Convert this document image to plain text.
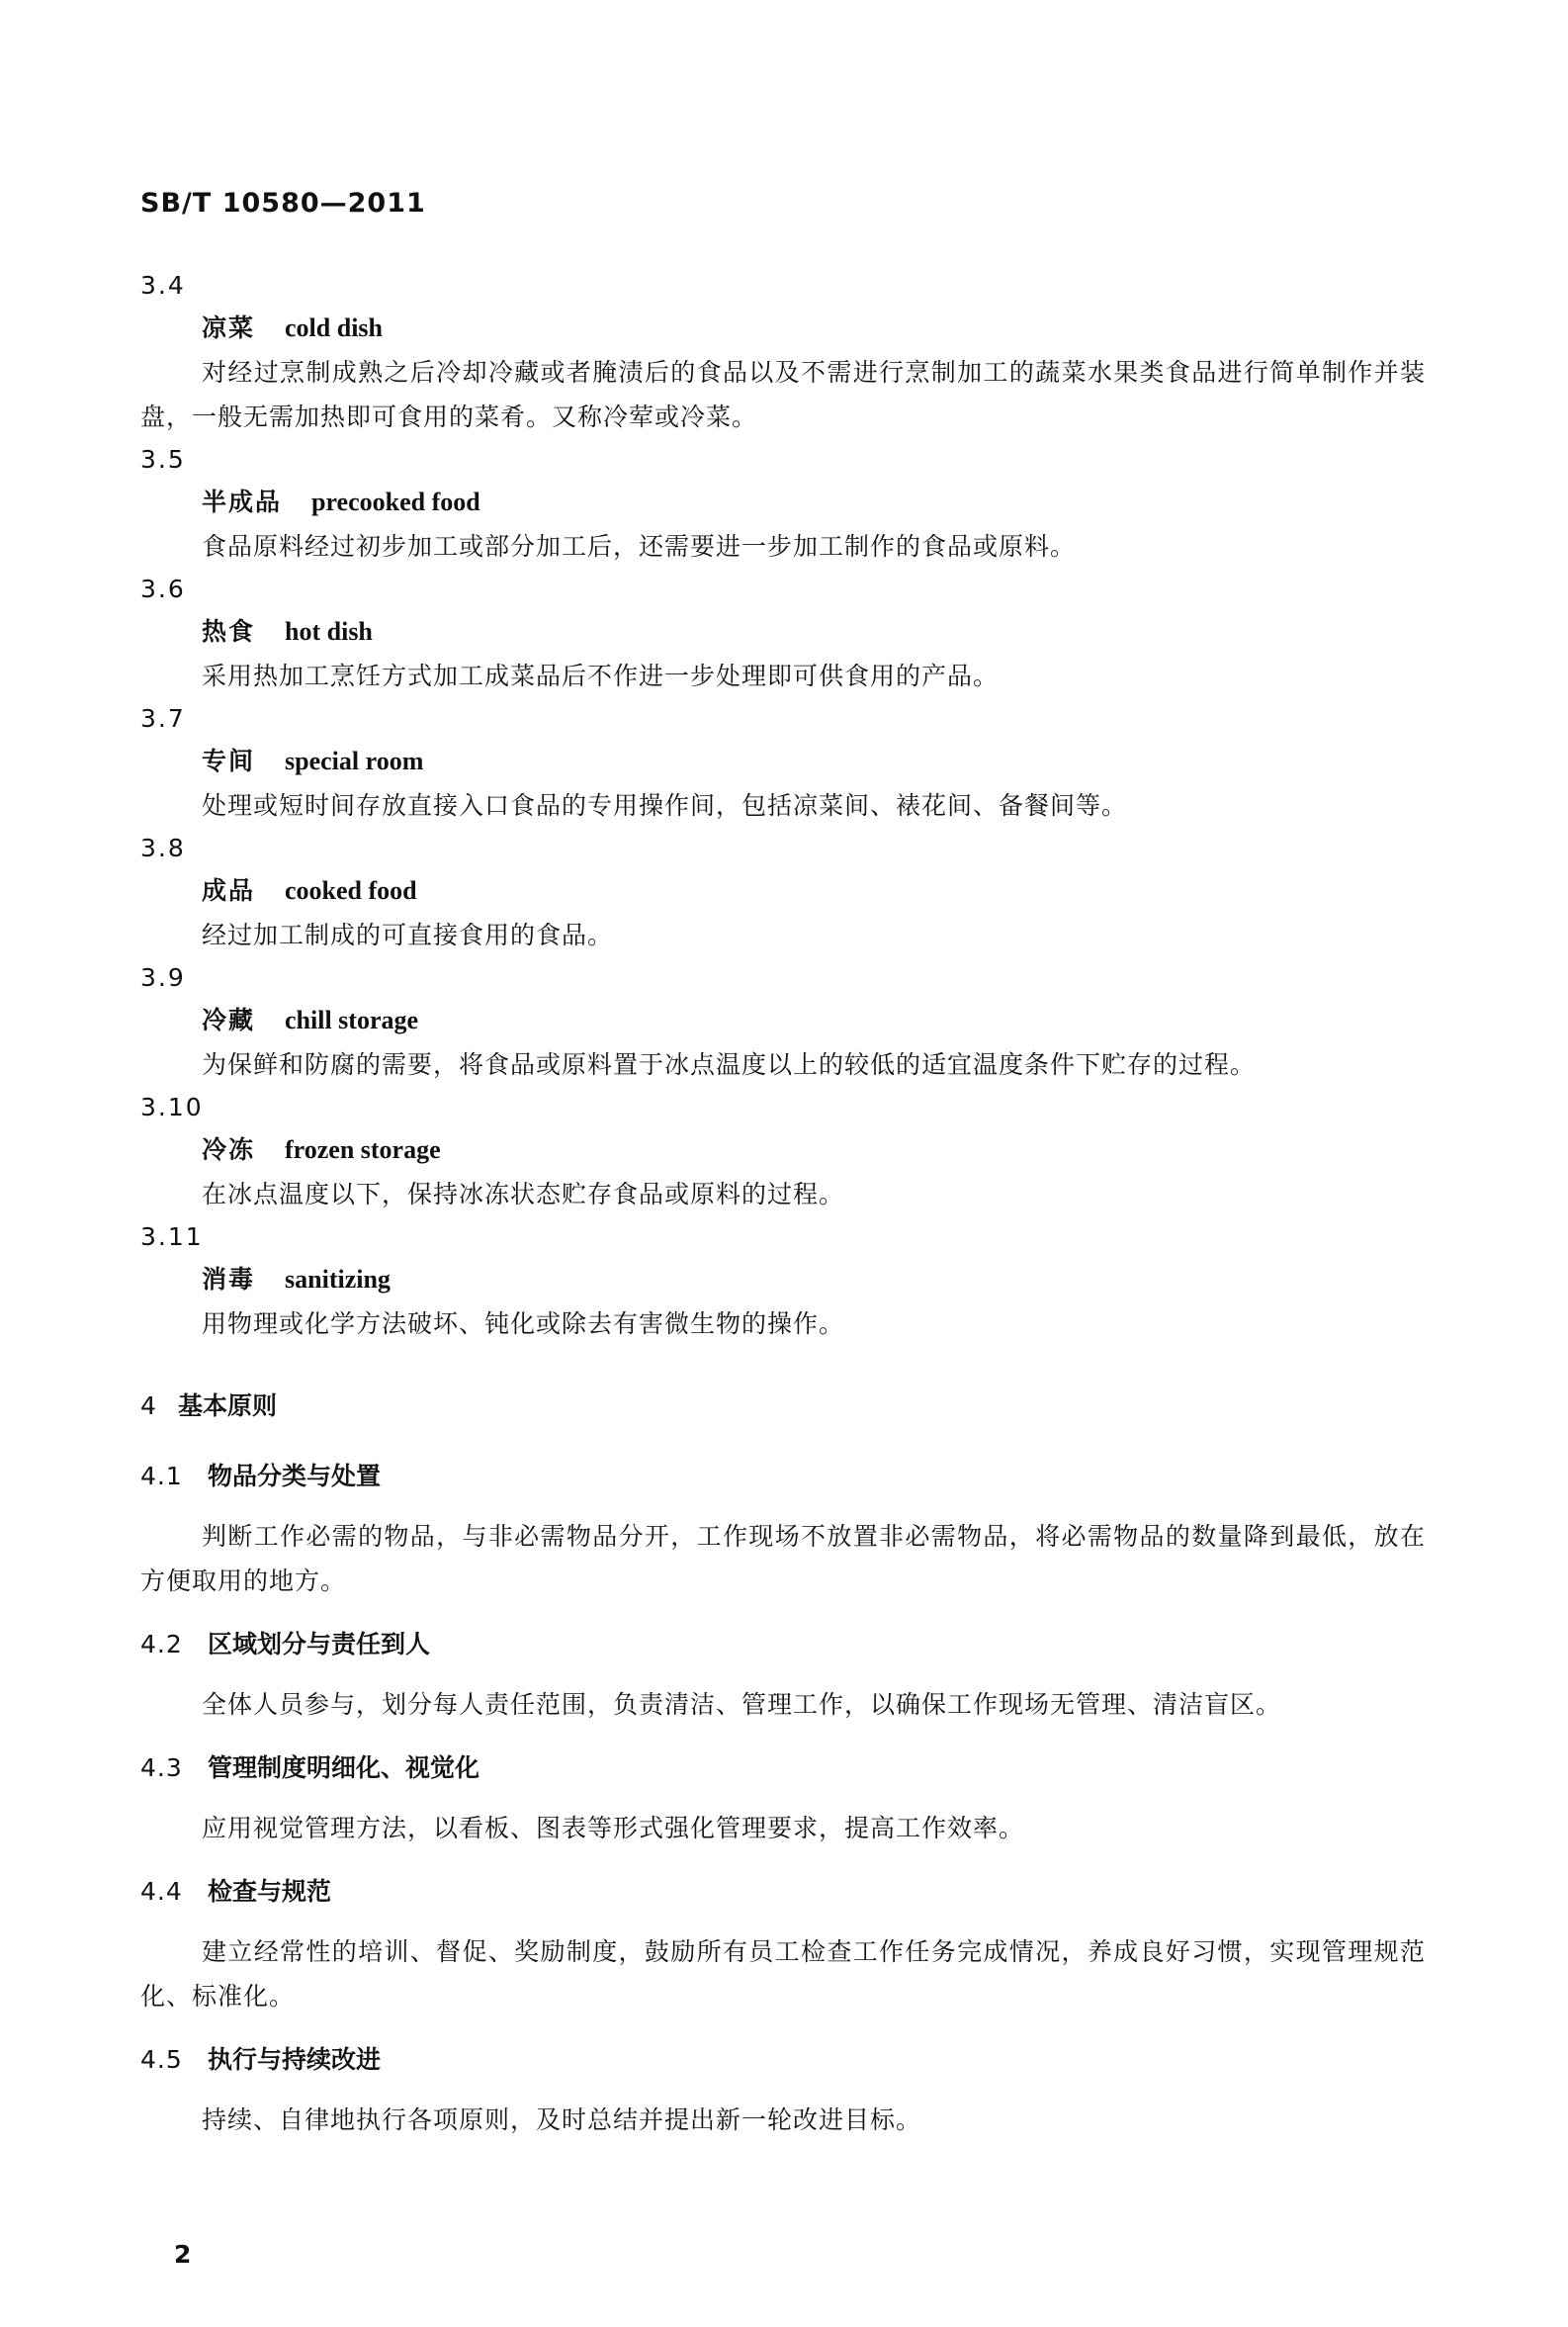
SB/T 10580—2011
3.4
凉菜 cold dish
对经过烹制成熟之后冷却冷藏或者腌渍后的食品以及不需进行烹制加工的蔬菜水果类食品进行简单制作并装盘，一般无需加热即可食用的菜肴。又称冷荤或冷菜。
3.5
半成品 precooked food
食品原料经过初步加工或部分加工后，还需要进一步加工制作的食品或原料。
3.6
热食 hot dish
采用热加工烹饪方式加工成菜品后不作进一步处理即可供食用的产品。
3.7
专间 special room
处理或短时间存放直接入口食品的专用操作间，包括凉菜间、裱花间、备餐间等。
3.8
成品 cooked food
经过加工制成的可直接食用的食品。
3.9
冷藏 chill storage
为保鲜和防腐的需要，将食品或原料置于冰点温度以上的较低的适宜温度条件下贮存的过程。
3.10
冷冻 frozen storage
在冰点温度以下，保持冰冻状态贮存食品或原料的过程。
3.11
消毒 sanitizing
用物理或化学方法破坏、钝化或除去有害微生物的操作。
4 基本原则
4.1 物品分类与处置
判断工作必需的物品，与非必需物品分开，工作现场不放置非必需物品，将必需物品的数量降到最低，放在方便取用的地方。
4.2 区域划分与责任到人
全体人员参与，划分每人责任范围，负责清洁、管理工作，以确保工作现场无管理、清洁盲区。
4.3 管理制度明细化、视觉化
应用视觉管理方法，以看板、图表等形式强化管理要求，提高工作效率。
4.4 检查与规范
建立经常性的培训、督促、奖励制度，鼓励所有员工检查工作任务完成情况，养成良好习惯，实现管理规范化、标准化。
4.5 执行与持续改进
持续、自律地执行各项原则，及时总结并提出新一轮改进目标。
2
